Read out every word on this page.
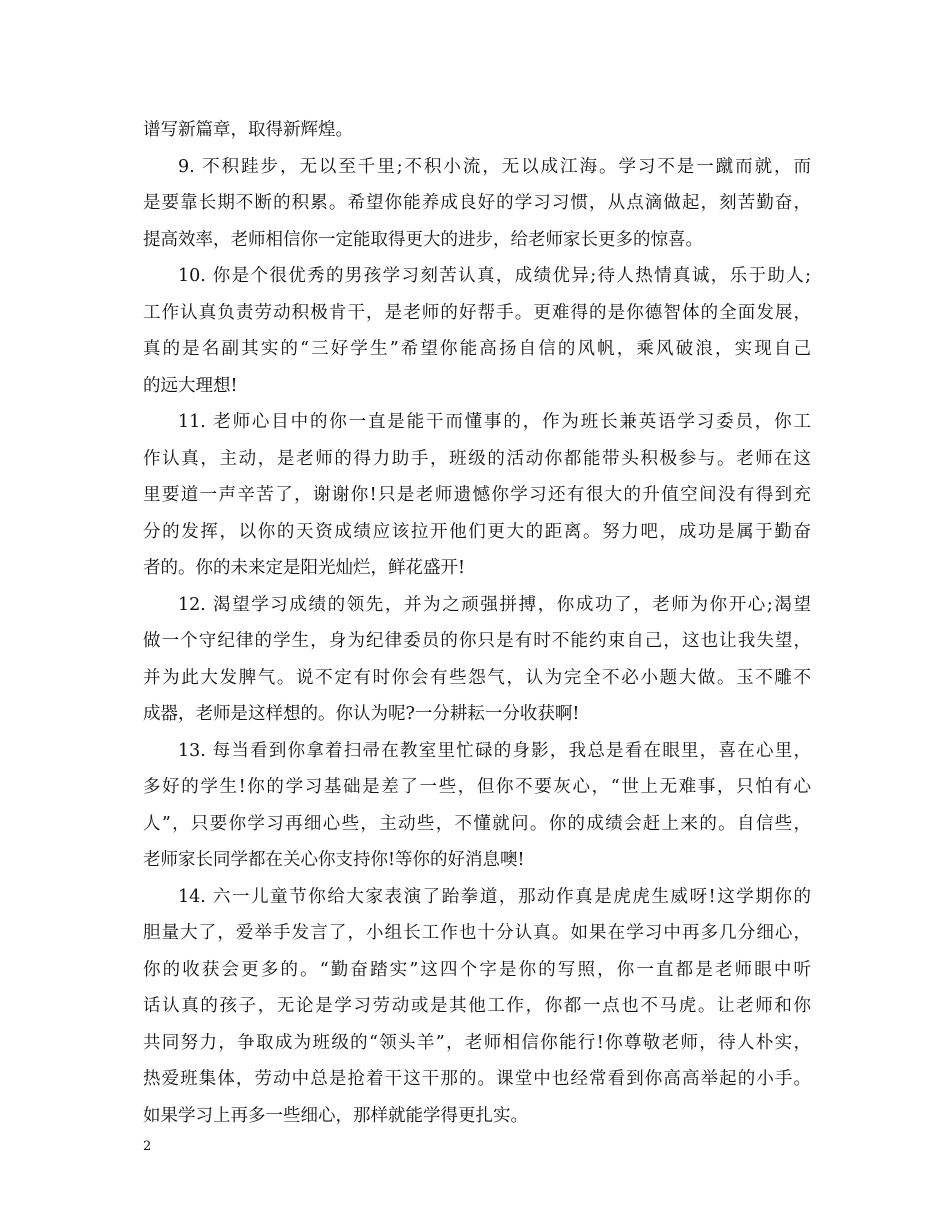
谱写新篇章，取得新辉煌。
9. 不积跬步，无以至千里;不积小流，无以成江海。学习不是一蹴而就，而
是要靠长期不断的积累。希望你能养成良好的学习习惯，从点滴做起，刻苦勤奋，
提高效率，老师相信你一定能取得更大的进步，给老师家长更多的惊喜。
10. 你是个很优秀的男孩学习刻苦认真，成绩优异;待人热情真诚，乐于助人;
工作认真负责劳动积极肯干，是老师的好帮手。更难得的是你德智体的全面发展，
真的是名副其实的“三好学生”希望你能高扬自信的风帆，乘风破浪，实现自己
的远大理想!
11. 老师心目中的你一直是能干而懂事的，作为班长兼英语学习委员，你工
作认真，主动，是老师的得力助手，班级的活动你都能带头积极参与。老师在这
里要道一声辛苦了，谢谢你!只是老师遗憾你学习还有很大的升值空间没有得到充
分的发挥，以你的天资成绩应该拉开他们更大的距离。努力吧，成功是属于勤奋
者的。你的未来定是阳光灿烂，鲜花盛开!
12. 渴望学习成绩的领先，并为之顽强拼搏，你成功了，老师为你开心;渴望
做一个守纪律的学生，身为纪律委员的你只是有时不能约束自己，这也让我失望，
并为此大发脾气。说不定有时你会有些怨气，认为完全不必小题大做。玉不雕不
成器，老师是这样想的。你认为呢?一分耕耘一分收获啊!
13. 每当看到你拿着扫帚在教室里忙碌的身影，我总是看在眼里，喜在心里，
多好的学生!你的学习基础是差了一些，但你不要灰心，“世上无难事，只怕有心
人”，只要你学习再细心些，主动些，不懂就问。你的成绩会赶上来的。自信些，
老师家长同学都在关心你支持你!等你的好消息噢!
14. 六一儿童节你给大家表演了跆拳道，那动作真是虎虎生威呀!这学期你的
胆量大了，爱举手发言了，小组长工作也十分认真。如果在学习中再多几分细心，
你的收获会更多的。“勤奋踏实”这四个字是你的写照，你一直都是老师眼中听
话认真的孩子，无论是学习劳动或是其他工作，你都一点也不马虎。让老师和你
共同努力，争取成为班级的“领头羊”，老师相信你能行!你尊敬老师，待人朴实，
热爱班集体，劳动中总是抢着干这干那的。课堂中也经常看到你高高举起的小手。
如果学习上再多一些细心，那样就能学得更扎实。
2
